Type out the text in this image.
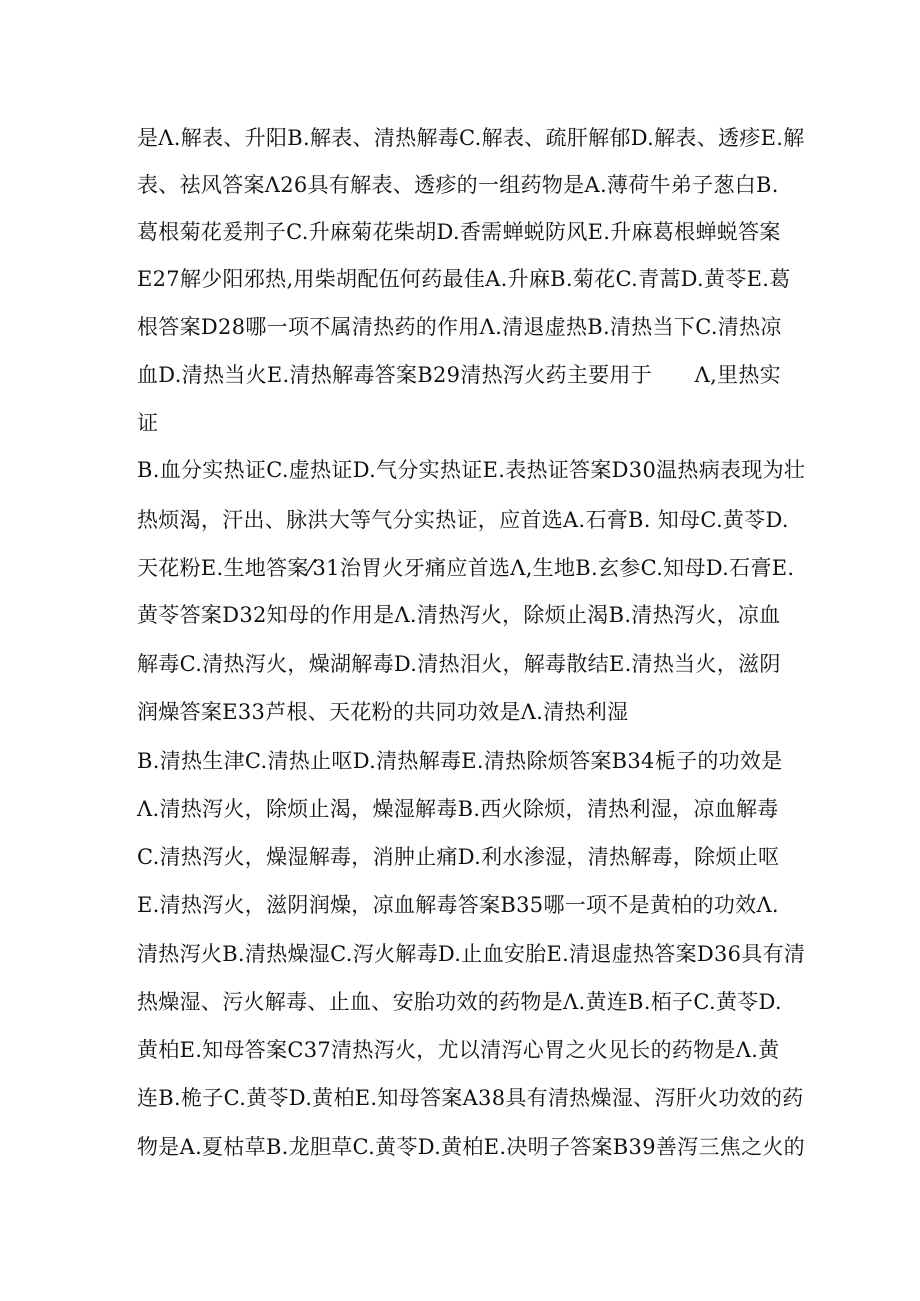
是Λ.解表、升阳B.解表、清热解毒C.解表、疏肝解郁D.解表、透疹E.解
表、祛风答案Λ26具有解表、透疹的一组药物是A.薄荷牛弟子葱白B.
葛根菊花爰荆子C.升麻菊花柴胡D.香需蝉蜕防风E.升麻葛根蝉蜕答案
E27解少阳邪热,用柴胡配伍何药最佳A.升麻B.菊花C.青蒿D.黄苓E.葛
根答案D28哪一项不属清热药的作用Λ.清退虚热B.清热当下C.清热凉
血D.清热当火E.清热解毒答案B29清热泻火药主要用于　　Λ,里热实
证
B.血分实热证C.虚热证D.气分实热证E.表热证答案D30温热病表现为壮
热烦渴，汗出、脉洪大等气分实热证，应首选A.石膏B. 知母C.黄苓D.
天花粉E.生地答案⁄31治胃火牙痛应首选Λ,生地B.玄参C.知母D.石膏E.
黄苓答案D32知母的作用是Λ.清热泻火，除烦止渴B.清热泻火，凉血
解毒C.清热泻火，燥湖解毒D.清热泪火，解毒散结E.清热当火，滋阴
润燥答案E33芦根、天花粉的共同功效是Λ.清热利湿
B.清热生津C.清热止呕D.清热解毒E.清热除烦答案B34栀子的功效是
Λ.清热泻火，除烦止渴，燥湿解毒B.西火除烦，清热利湿，凉血解毒
C.清热泻火，燥湿解毒，消肿止痛D.利水渗湿，清热解毒，除烦止呕
E.清热泻火，滋阴润燥，凉血解毒答案B35哪一项不是黄柏的功效Λ.
清热泻火B.清热燥湿C.泻火解毒D.止血安胎E.清退虚热答案D36具有清
热燥湿、污火解毒、止血、安胎功效的药物是Λ.黄连B.栢子C.黄苓D.
黄柏E.知母答案C37清热泻火，尤以清泻心胃之火见长的药物是Λ.黄
连B.桅子C.黄苓D.黄柏E.知母答案A38具有清热燥湿、泻肝火功效的药
物是A.夏枯草B.龙胆草C.黄苓D.黄柏E.决明子答案B39善泻三焦之火的
